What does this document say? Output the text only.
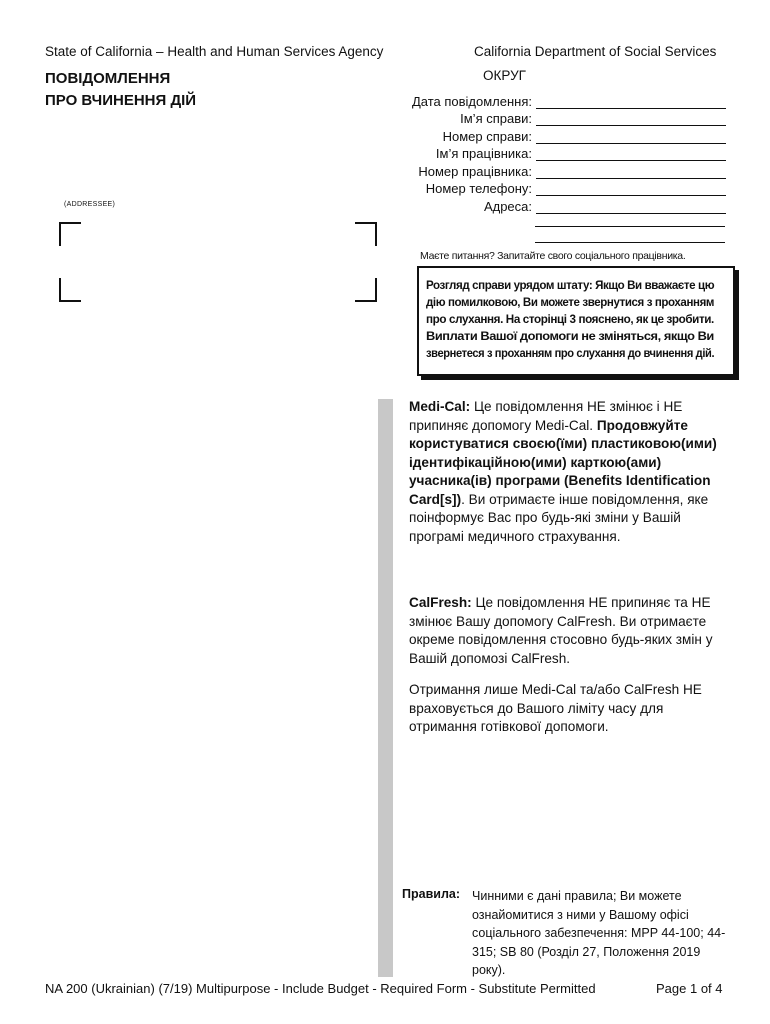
State of California – Health and Human Services Agency	California Department of Social Services
ПОВІДОМЛЕННЯ
ПРО ВЧИНЕННЯ ДІЙ
ОКРУГ
Дата повідомлення:
Ім’я справи:
Номер справи:
Ім’я працівника:
Номер працівника:
Номер телефону:
Адреса:
(ADDRESSEE)
Маєте питання? Запитайте свого соціального працівника.
Розгляд справи урядом штату: Якщо Ви вважаєте цю дію помилковою, Ви можете звернутися з проханням про слухання. На сторінці 3 пояснено, як це зробити. Виплати Вашої допомоги не зміняться, якщо Ви звернетеся з проханням про слухання до вчинення дій.
Medi-Cal: Це повідомлення НЕ змінює і НЕ припиняє допомогу Medi-Cal. Продовжуйте користуватися своєю(їми) пластиковою(ими) ідентифікаційною(ими) карткою(ами) учасника(ів) програми (Benefits Identification Card[s]). Ви отримаєте інше повідомлення, яке поінформує Вас про будь-які зміни у Вашій програмі медичного страхування.
CalFresh: Це повідомлення НЕ припиняє та НЕ змінює Вашу допомогу CalFresh. Ви отримаєте окреме повідомлення стосовно будь-яких змін у Вашій допомозі CalFresh.
Отримання лише Medi-Cal та/або CalFresh НЕ враховується до Вашого ліміту часу для отримання готівкової допомоги.
Правила: Чинними є дані правила; Ви можете ознайомитися з ними у Вашому офісі соціального забезпечення: MPP 44-100; 44-315; SB 80 (Розділ 27, Положення 2019 року).
NA 200 (Ukrainian) (7/19) Multipurpose - Include Budget - Required Form - Substitute Permitted	Page 1 of 4
